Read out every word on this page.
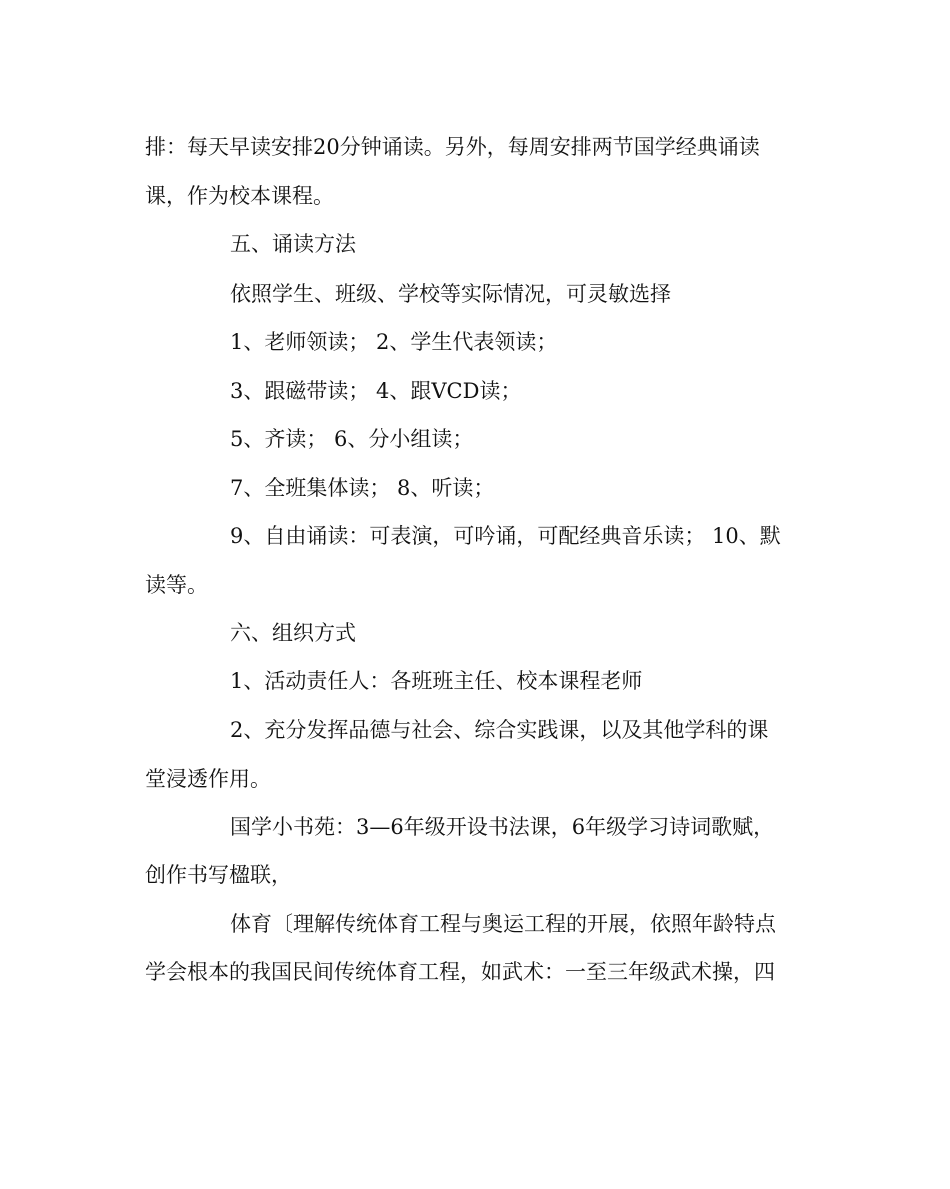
排：每天早读安排20分钟诵读。另外，每周安排两节国学经典诵读
课，作为校本课程。
五、诵读方法
依照学生、班级、学校等实际情况，可灵敏选择
1、老师领读； 2、学生代表领读；
3、跟磁带读； 4、跟VCD读；
5、齐读； 6、分小组读；
7、全班集体读； 8、听读；
9、自由诵读：可表演，可吟诵，可配经典音乐读； 10、默
读等。
六、组织方式
1、活动责任人：各班班主任、校本课程老师
2、充分发挥品德与社会、综合实践课，以及其他学科的课
堂浸透作用。
国学小书苑：3—6年级开设书法课，6年级学习诗词歌赋，
创作书写楹联，
体育〔理解传统体育工程与奥运工程的开展，依照年龄特点
学会根本的我国民间传统体育工程，如武术：一至三年级武术操，四
